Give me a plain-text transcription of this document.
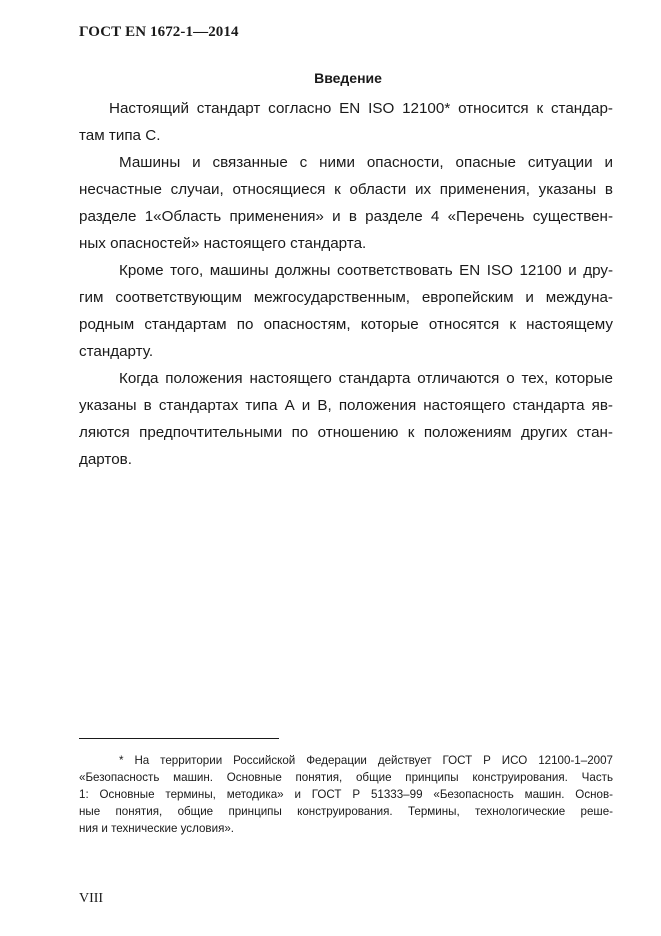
ГОСТ EN 1672-1—2014
Введение
Настоящий стандарт согласно EN ISO 12100* относится к стандар-
там типа С.
Машины и связанные с ними опасности, опасные ситуации и
несчастные случаи, относящиеся к области их применения, указаны в
разделе 1«Область применения» и в разделе 4 «Перечень существен-
ных опасностей» настоящего стандарта.
Кроме того, машины должны соответствовать EN ISO 12100 и дру-
гим соответствующим межгосударственным, европейским и междуна-
родным стандартам по опасностям, которые относятся к настоящему
стандарту.
Когда положения настоящего стандарта отличаются о тех, которые
указаны в стандартах типа А и В, положения настоящего стандарта яв-
ляются предпочтительными по отношению к положениям других стан-
дартов.
* На территории Российской Федерации действует ГОСТ Р ИСО 12100-1–2007
«Безопасность машин. Основные понятия, общие принципы конструирования. Часть
1: Основные термины, методика» и ГОСТ Р 51333–99 «Безопасность машин. Основ-
ные понятия, общие принципы конструирования. Термины, технологические реше-
ния и технические условия».
VIII
